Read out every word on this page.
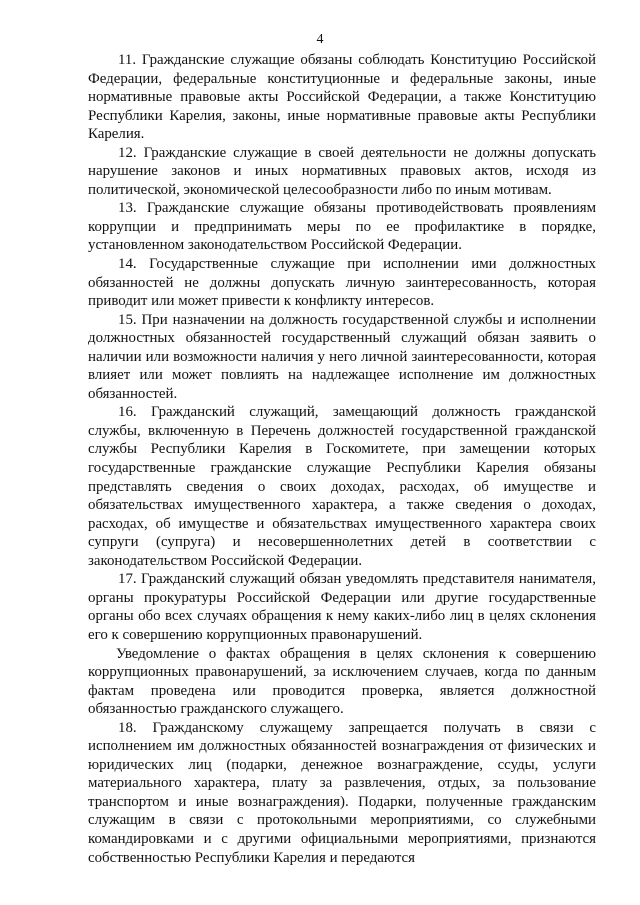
4

11. Гражданские служащие обязаны соблюдать Конституцию Российской Федерации, федеральные конституционные и федеральные законы, иные нормативные правовые акты Российской Федерации, а также Конституцию Республики Карелия, законы, иные нормативные правовые акты Республики Карелия.

12. Гражданские служащие в своей деятельности не должны допускать нарушение законов и иных нормативных правовых актов, исходя из политической, экономической целесообразности либо по иным мотивам.

13. Гражданские служащие обязаны противодействовать проявлениям коррупции и предпринимать меры по ее профилактике в порядке, установленном законодательством Российской Федерации.

14. Государственные служащие при исполнении ими должностных обязанностей не должны допускать личную заинтересованность, которая приводит или может привести к конфликту интересов.

15. При назначении на должность государственной службы и исполнении должностных обязанностей государственный служащий обязан заявить о наличии или возможности наличия у него личной заинтересованности, которая влияет или может повлиять на надлежащее исполнение им должностных обязанностей.

16. Гражданский служащий, замещающий должность гражданской службы, включенную в Перечень должностей государственной гражданской службы Республики Карелия в Госкомитете, при замещении которых государственные гражданские служащие Республики Карелия обязаны представлять сведения о своих доходах, расходах, об имуществе и обязательствах имущественного характера, а также сведения о доходах, расходах, об имуществе и обязательствах имущественного характера своих супруги (супруга) и несовершеннолетних детей в соответствии с законодательством Российской Федерации.

17. Гражданский служащий обязан уведомлять представителя нанимателя, органы прокуратуры Российской Федерации или другие государственные органы обо всех случаях обращения к нему каких-либо лиц в целях склонения его к совершению коррупционных правонарушений.

Уведомление о фактах обращения в целях склонения к совершению коррупционных правонарушений, за исключением случаев, когда по данным фактам проведена или проводится проверка, является должностной обязанностью гражданского служащего.

18. Гражданскому служащему запрещается получать в связи с исполнением им должностных обязанностей вознаграждения от физических и юридических лиц (подарки, денежное вознаграждение, ссуды, услуги материального характера, плату за развлечения, отдых, за пользование транспортом и иные вознаграждения). Подарки, полученные гражданским служащим в связи с протокольными мероприятиями, со служебными командировками и с другими официальными мероприятиями, признаются собственностью Республики Карелия и передаются
